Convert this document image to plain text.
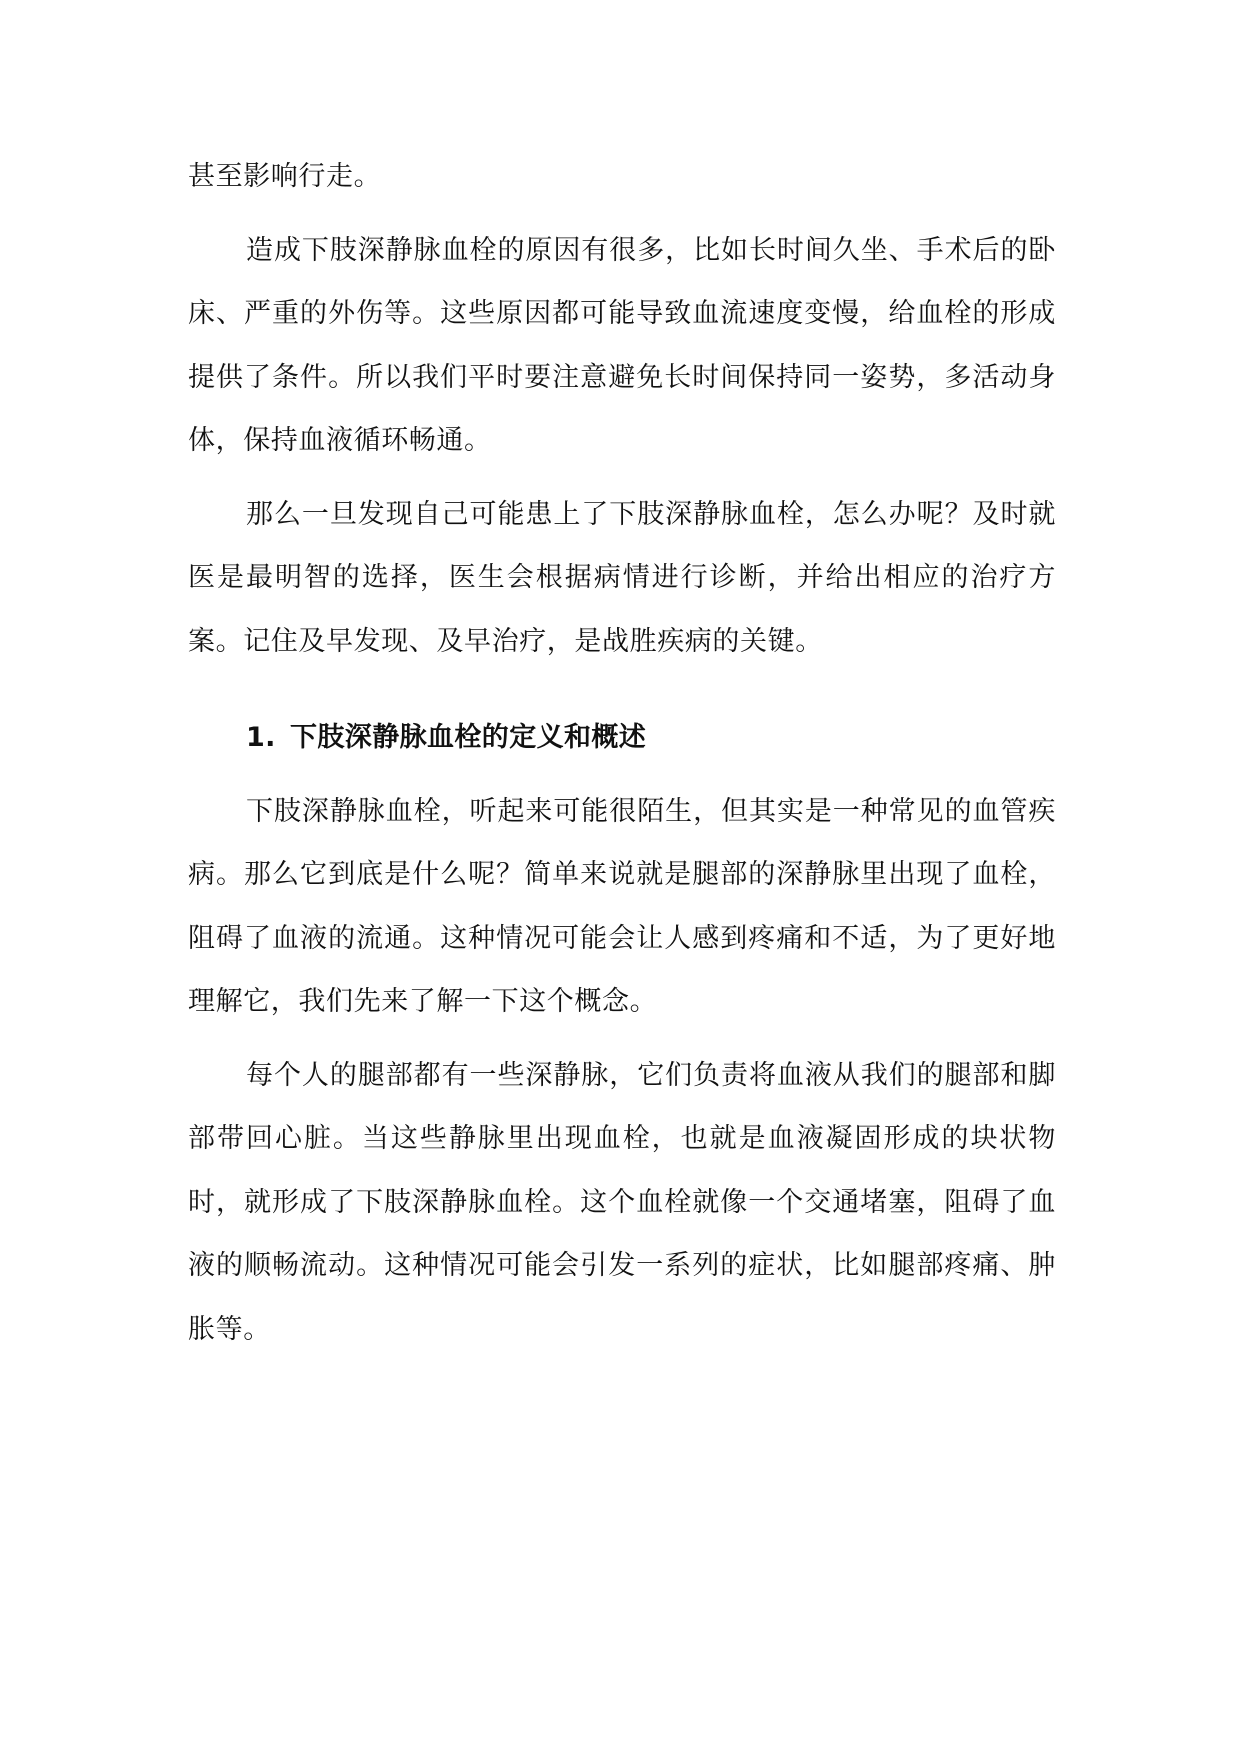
甚至影响行走。

造成下肢深静脉血栓的原因有很多，比如长时间久坐、手术后的卧床、严重的外伤等。这些原因都可能导致血流速度变慢，给血栓的形成提供了条件。所以我们平时要注意避免长时间保持同一姿势，多活动身体，保持血液循环畅通。

那么一旦发现自己可能患上了下肢深静脉血栓，怎么办呢？及时就医是最明智的选择，医生会根据病情进行诊断，并给出相应的治疗方案。记住及早发现、及早治疗，是战胜疾病的关键。

1. 下肢深静脉血栓的定义和概述

下肢深静脉血栓，听起来可能很陌生，但其实是一种常见的血管疾病。那么它到底是什么呢？简单来说就是腿部的深静脉里出现了血栓，阻碍了血液的流通。这种情况可能会让人感到疼痛和不适，为了更好地理解它，我们先来了解一下这个概念。

每个人的腿部都有一些深静脉，它们负责将血液从我们的腿部和脚部带回心脏。当这些静脉里出现血栓，也就是血液凝固形成的块状物时，就形成了下肢深静脉血栓。这个血栓就像一个交通堵塞，阻碍了血液的顺畅流动。这种情况可能会引发一系列的症状，比如腿部疼痛、肿胀等。
